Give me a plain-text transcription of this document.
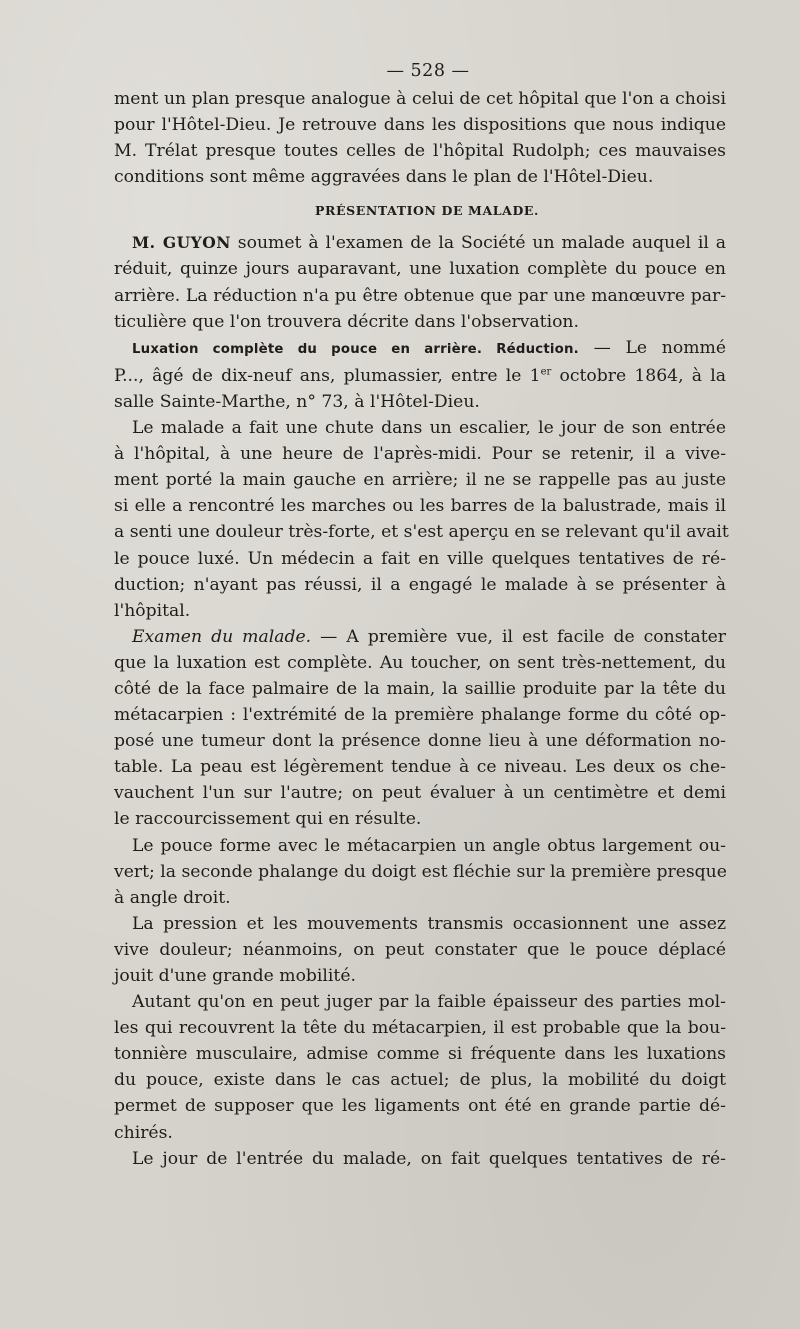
— 528 —

ment un plan presque analogue à celui de cet hôpital que l'on a choisi
pour l'Hôtel-Dieu. Je retrouve dans les dispositions que nous indique
M. Trélat presque toutes celles de l'hôpital Rudolph; ces mauvaises
conditions sont même aggravées dans le plan de l'Hôtel-Dieu.

PRÉSENTATION DE MALADE.

M. GUYON soumet à l'examen de la Société un malade auquel il a
réduit, quinze jours auparavant, une luxation complète du pouce en
arrière. La réduction n'a pu être obtenue que par une manœuvre par-
ticulière que l'on trouvera décrite dans l'observation.

Luxation complète du pouce en arrière. Réduction. — Le nommé
P..., âgé de dix-neuf ans, plumassier, entre le 1er octobre 1864, à la
salle Sainte-Marthe, n° 73, à l'Hôtel-Dieu.

Le malade a fait une chute dans un escalier, le jour de son entrée
à l'hôpital, à une heure de l'après-midi. Pour se retenir, il a vive-
ment porté la main gauche en arrière; il ne se rappelle pas au juste
si elle a rencontré les marches ou les barres de la balustrade, mais il
a senti une douleur très-forte, et s'est aperçu en se relevant qu'il avait
le pouce luxé. Un médecin a fait en ville quelques tentatives de ré-
duction; n'ayant pas réussi, il a engagé le malade à se présenter à
l'hôpital.

Examen du malade. — A première vue, il est facile de constater
que la luxation est complète. Au toucher, on sent très-nettement, du
côté de la face palmaire de la main, la saillie produite par la tête du
métacarpien : l'extrémité de la première phalange forme du côté op-
posé une tumeur dont la présence donne lieu à une déformation no-
table. La peau est légèrement tendue à ce niveau. Les deux os che-
vauchent l'un sur l'autre; on peut évaluer à un centimètre et demi
le raccourcissement qui en résulte.

Le pouce forme avec le métacarpien un angle obtus largement ou-
vert; la seconde phalange du doigt est fléchie sur la première presque
à angle droit.

La pression et les mouvements transmis occasionnent une assez
vive douleur; néanmoins, on peut constater que le pouce déplacé
jouit d'une grande mobilité.

Autant qu'on en peut juger par la faible épaisseur des parties mol-
les qui recouvrent la tête du métacarpien, il est probable que la bou-
tonnière musculaire, admise comme si fréquente dans les luxations
du pouce, existe dans le cas actuel; de plus, la mobilité du doigt
permet de supposer que les ligaments ont été en grande partie dé-
chirés.

Le jour de l'entrée du malade, on fait quelques tentatives de ré-
